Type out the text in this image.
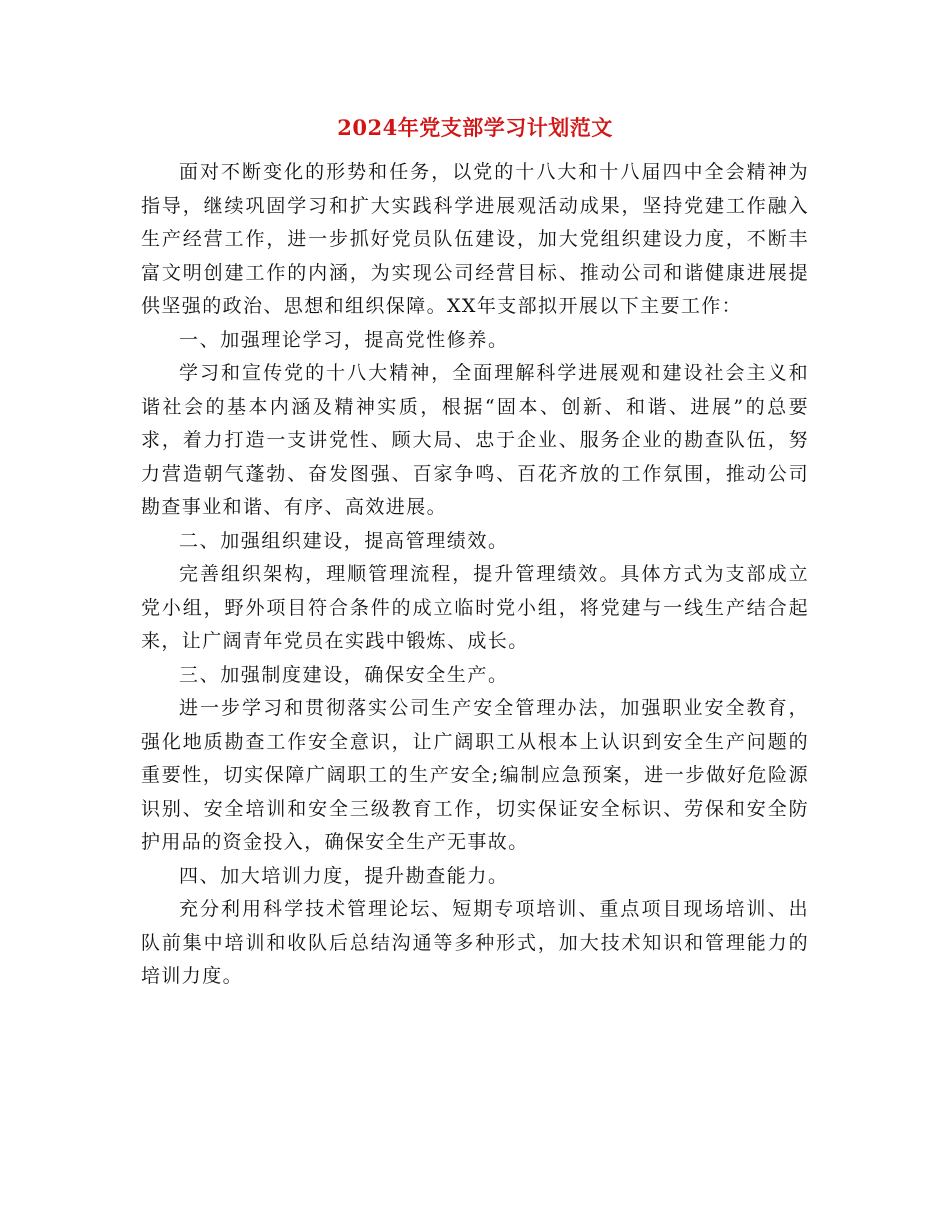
2024年党支部学习计划范文

面对不断变化的形势和任务，以党的十八大和十八届四中全会精神为指导，继续巩固学习和扩大实践科学进展观活动成果，坚持党建工作融入生产经营工作，进一步抓好党员队伍建设，加大党组织建设力度，不断丰富文明创建工作的内涵，为实现公司经营目标、推动公司和谐健康进展提供坚强的政治、思想和组织保障。XX年支部拟开展以下主要工作：

一、加强理论学习，提高党性修养。

学习和宣传党的十八大精神，全面理解科学进展观和建设社会主义和谐社会的基本内涵及精神实质，根据“固本、创新、和谐、进展”的总要求，着力打造一支讲党性、顾大局、忠于企业、服务企业的勘查队伍，努力营造朝气蓬勃、奋发图强、百家争鸣、百花齐放的工作氛围，推动公司勘查事业和谐、有序、高效进展。

二、加强组织建设，提高管理绩效。

完善组织架构，理顺管理流程，提升管理绩效。具体方式为支部成立党小组，野外项目符合条件的成立临时党小组，将党建与一线生产结合起来，让广阔青年党员在实践中锻炼、成长。

三、加强制度建设，确保安全生产。

进一步学习和贯彻落实公司生产安全管理办法，加强职业安全教育，强化地质勘查工作安全意识，让广阔职工从根本上认识到安全生产问题的重要性，切实保障广阔职工的生产安全;编制应急预案，进一步做好危险源识别、安全培训和安全三级教育工作，切实保证安全标识、劳保和安全防护用品的资金投入，确保安全生产无事故。

四、加大培训力度，提升勘查能力。

充分利用科学技术管理论坛、短期专项培训、重点项目现场培训、出队前集中培训和收队后总结沟通等多种形式，加大技术知识和管理能力的培训力度。
